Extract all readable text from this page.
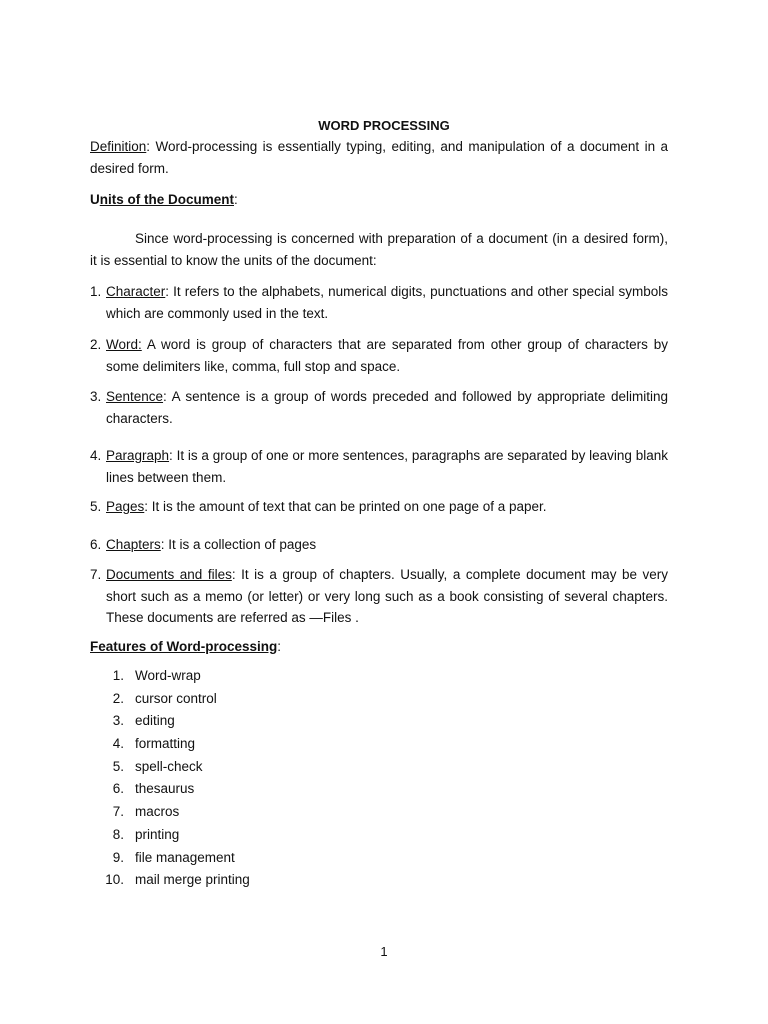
WORD PROCESSING
Definition: Word-processing is essentially typing, editing, and manipulation of a document in a desired form.
Units of the Document:
Since word-processing is concerned with preparation of a document (in a desired form), it is essential to know the units of the document:
1. Character: It refers to the alphabets, numerical digits, punctuations and other special symbols which are commonly used in the text.
2. Word: A word is group of characters that are separated from other group of characters by some delimiters like, comma, full stop and space.
3. Sentence: A sentence is a group of words preceded and followed by appropriate delimiting characters.
4. Paragraph: It is a group of one or more sentences, paragraphs are separated by leaving blank lines between them.
5. Pages: It is the amount of text that can be printed on one page of a paper.
6. Chapters: It is a collection of pages
7. Documents and files: It is a group of chapters. Usually, a complete document may be very short such as a memo (or letter) or very long such as a book consisting of several chapters. These documents are referred as —Files .
Features of Word-processing:
1. Word-wrap
2. cursor control
3. editing
4. formatting
5. spell-check
6. thesaurus
7. macros
8. printing
9. file management
10. mail merge printing
1
